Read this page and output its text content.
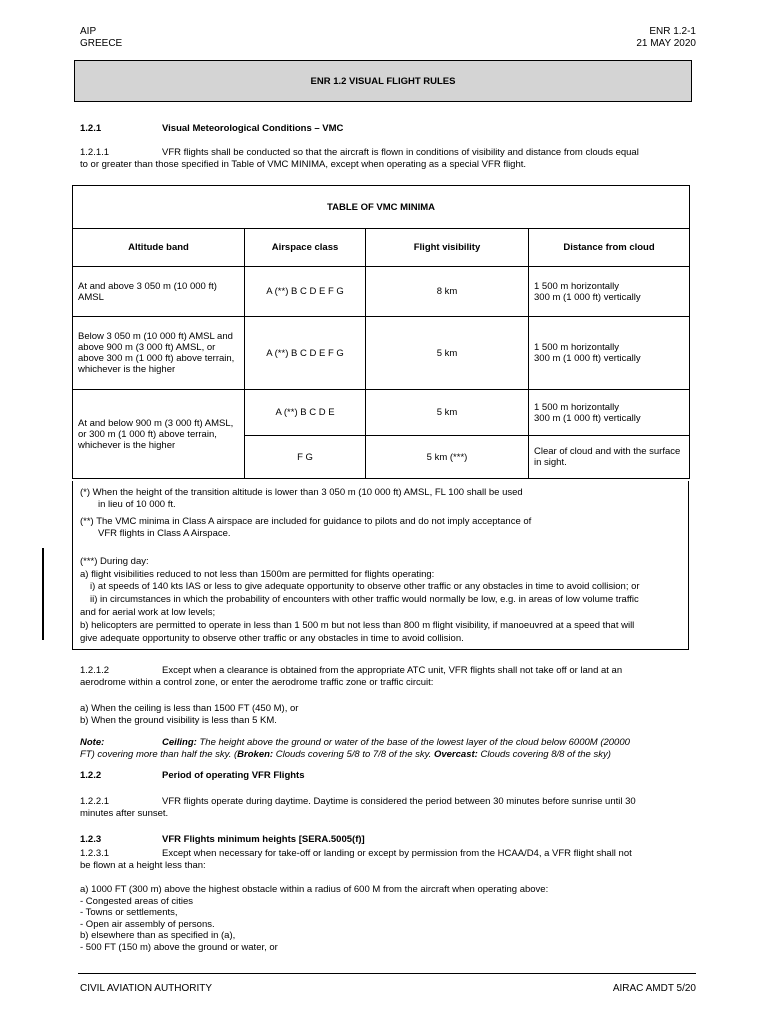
AIP
GREECE
ENR 1.2-1
21 MAY 2020
ENR 1.2 VISUAL FLIGHT RULES
1.2.1	Visual Meteorological Conditions – VMC
1.2.1.1	VFR flights shall be conducted so that the aircraft is flown in conditions of visibility and distance from clouds equal
to or greater than those specified in Table of VMC MINIMA, except when operating as a special VFR flight.
TABLE OF VMC MINIMA			
Altitude band	Airspace class	Flight visibility	Distance from cloud
At and above 3 050 m (10 000 ft) AMSL	A (**) B C D E F G	8 km	1 500 m horizontally
300 m (1 000 ft) vertically

Below 3 050 m (10 000 ft) AMSL and above 900 m (3 000 ft) AMSL, or above 300 m (1 000 ft) above terrain, whichever is the higher	A (**) B C D E F G	5 km	1 500 m horizontally
300 m (1 000 ft) vertically

At and below 900 m (3 000 ft) AMSL, or 300 m (1 000 ft) above terrain, whichever is the higher	A (**) B C D E	5 km	1 500 m horizontally
300 m (1 000 ft) vertically

	F G	5 km (***)	Clear of cloud and with the surface in sight.
(*) When the height of the transition altitude is lower than 3 050 m (10 000 ft) AMSL, FL 100 shall be used
in lieu of 10 000 ft.
(**) The VMC minima in Class A airspace are included for guidance to pilots and do not imply acceptance of
VFR flights in Class A Airspace.
(***) During day:
a) flight visibilities reduced to not less than 1500m are permitted for flights operating:
i) at speeds of 140 kts IAS or less to give adequate opportunity to observe other traffic or any obstacles in time to avoid collision; or
ii) in circumstances in which the probability of encounters with other traffic would normally be low, e.g. in areas of low volume traffic
and for aerial work at low levels;
b) helicopters are permitted to operate in less than 1 500 m but not less than 800 m flight visibility, if manoeuvred at a speed that will
give adequate opportunity to observe other traffic or any obstacles in time to avoid collision.
1.2.1.2	Except when a clearance is obtained from the appropriate ATC unit, VFR flights shall not take off or land at an
aerodrome within a control zone, or enter the aerodrome traffic zone or traffic circuit:
a) When the ceiling is less than 1500 FT (450 M), or
b) When the ground visibility is less than 5 KM.
Note:	Ceiling: The height above the ground or water of the base of the lowest layer of the cloud below 6000M (20000
FT) covering more than half the sky. (Broken: Clouds covering 5/8 to 7/8 of the sky. Overcast: Clouds covering 8/8 of the sky)
1.2.2	Period of operating VFR Flights
1.2.2.1	VFR flights operate during daytime. Daytime is considered the period between 30 minutes before sunrise until 30
minutes after sunset.
1.2.3	VFR Flights minimum heights [SERA.5005(f)]
1.2.3.1	Except when necessary for take-off or landing or except by permission from the HCAA/D4, a VFR flight shall not
be flown at a height less than:
a) 1000 FT (300 m) above the highest obstacle within a radius of 600 M from the aircraft when operating above:
- Congested areas of cities
- Towns or settlements,
- Open air assembly of persons.
b) elsewhere than as specified in (a),
- 500 FT (150 m) above the ground or water, or
CIVIL AVIATION AUTHORITY	AIRAC AMDT 5/20
